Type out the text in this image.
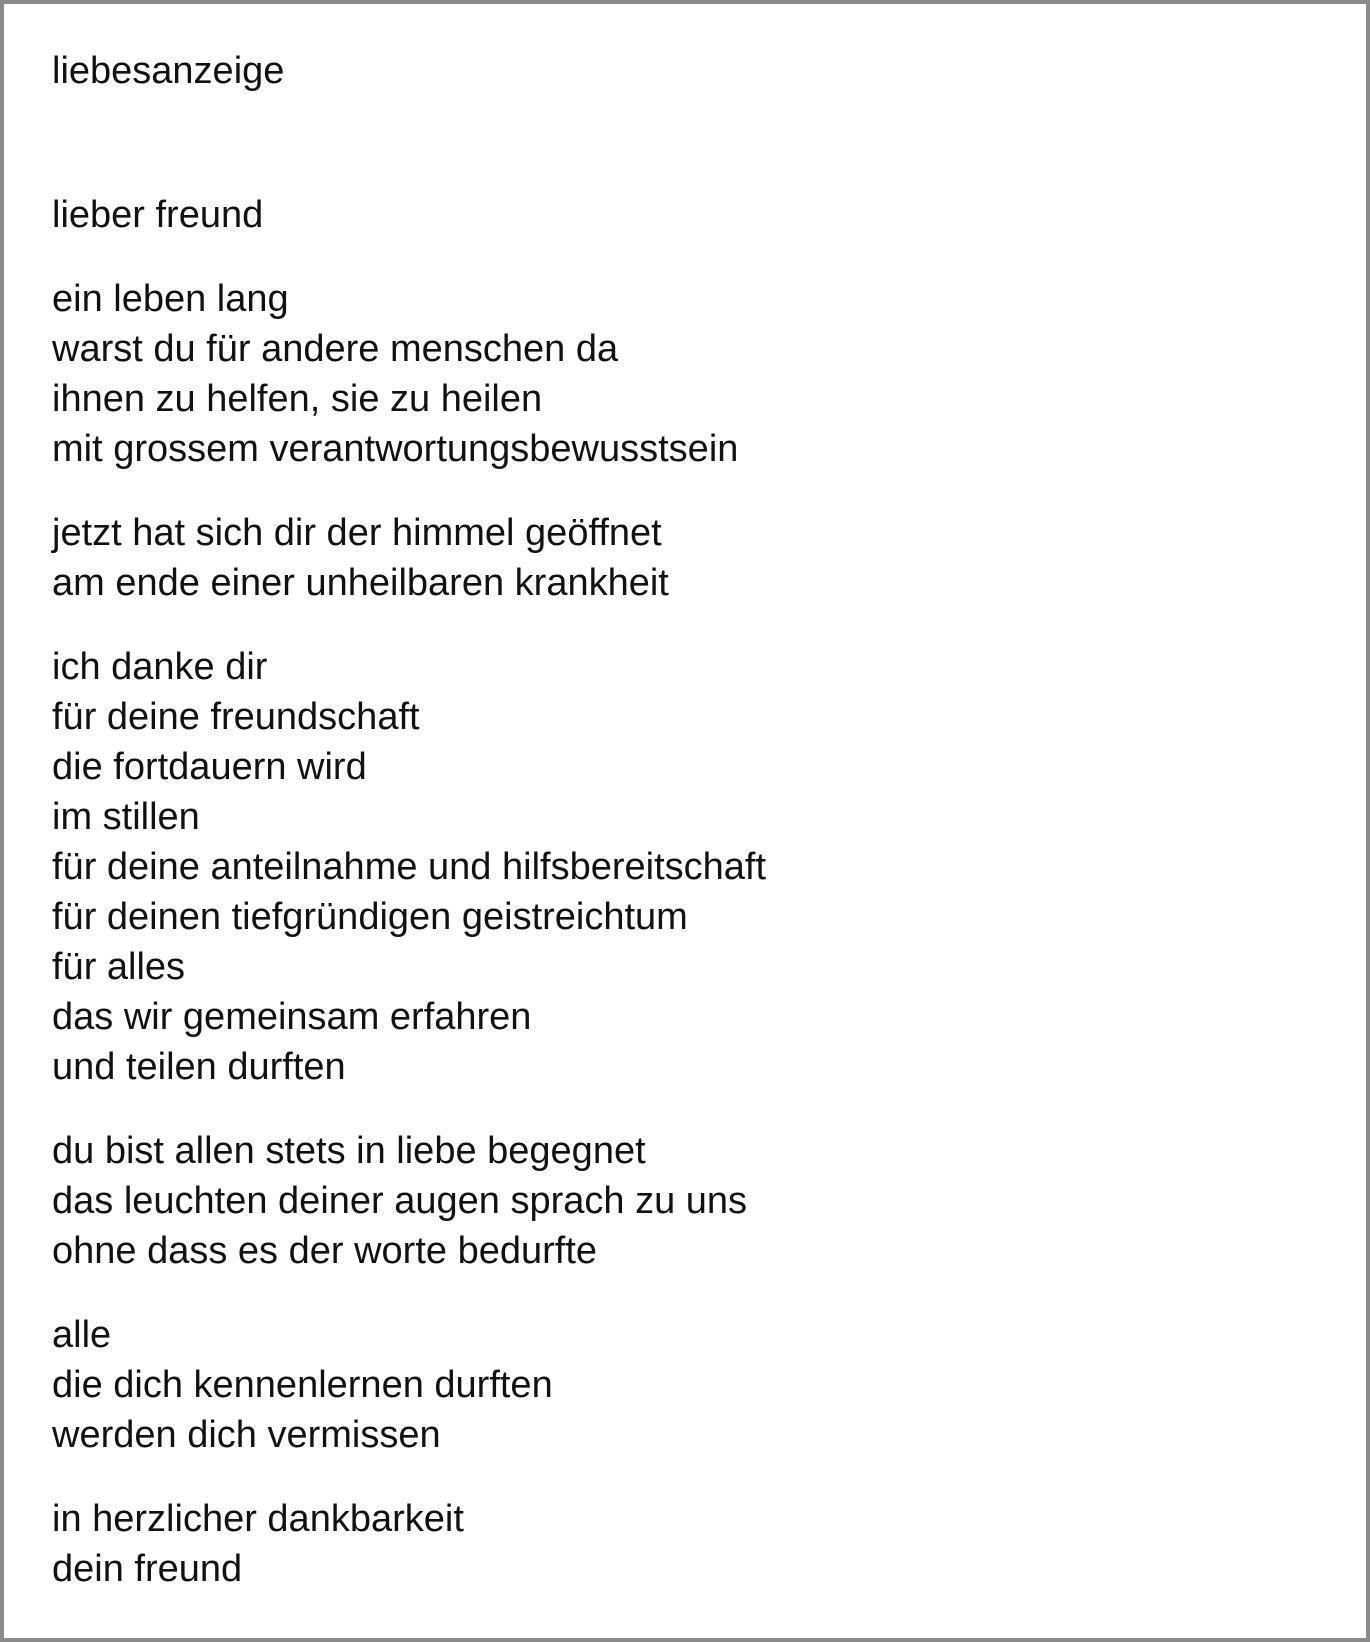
liebesanzeige

lieber freund

ein leben lang
warst du für andere menschen da
ihnen zu helfen, sie zu heilen
mit grossem verantwortungsbewusstsein
jetzt hat sich dir der himmel geöffnet
am ende einer unheilbaren krankheit
ich danke dir
für deine freundschaft
die fortdauern wird
im stillen
für deine anteilnahme und hilfsbereitschaft
für deinen tiefgründigen geistreichtum
für alles
das wir gemeinsam erfahren
und teilen durften
du bist allen stets in liebe begegnet
das leuchten deiner augen sprach zu uns
ohne dass es der worte bedurfte
alle
die dich kennenlernen durften
werden dich vermissen
in herzlicher dankbarkeit
dein freund
